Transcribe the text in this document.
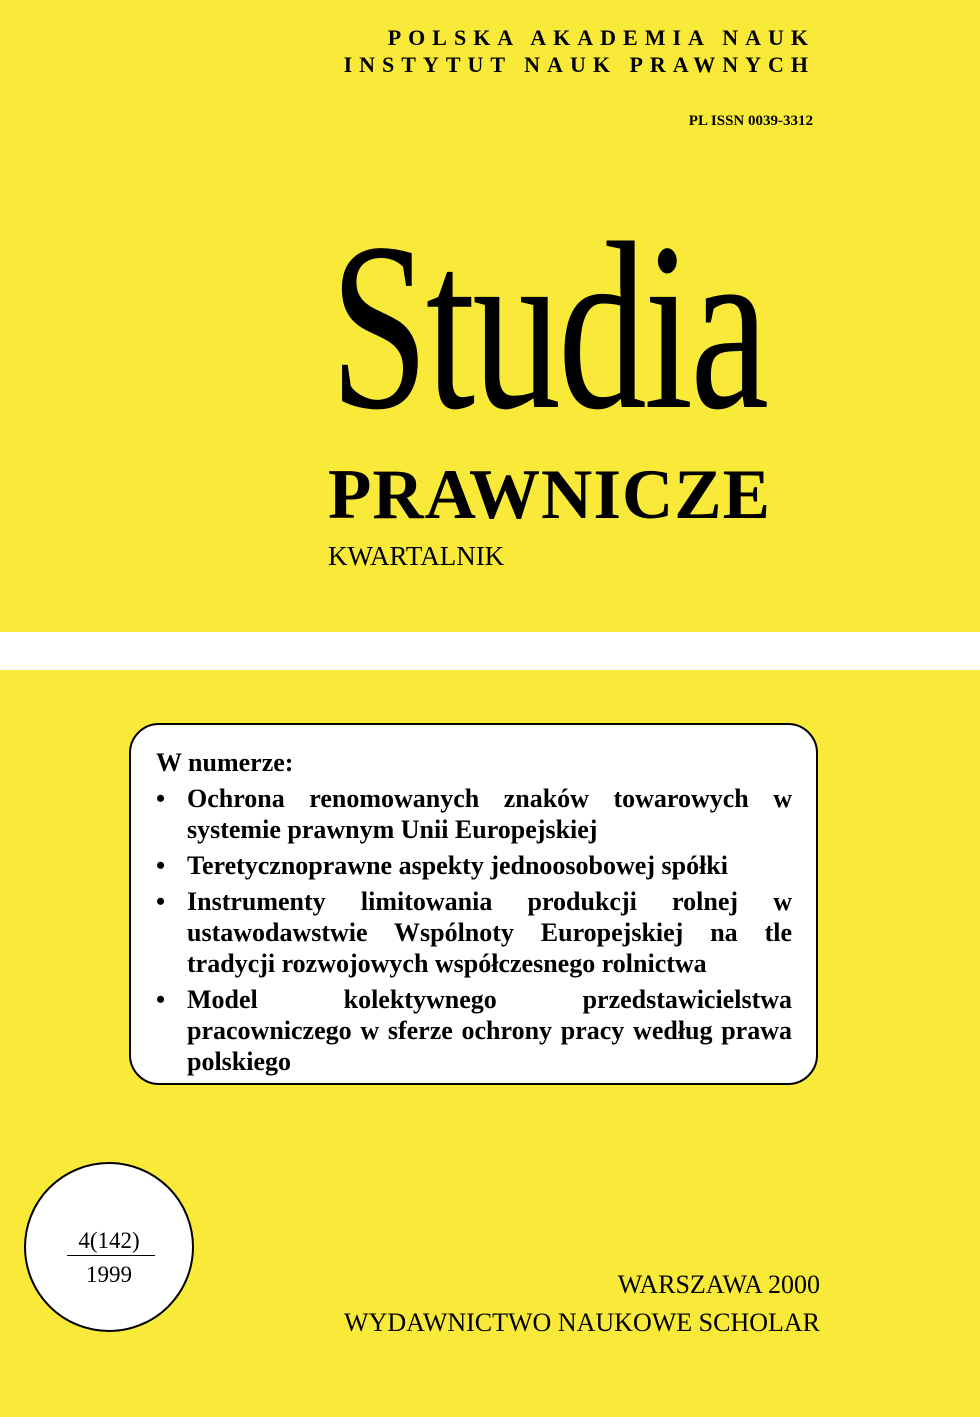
POLSKA AKADEMIA NAUK
INSTYTUT NAUK PRAWNYCH
PL ISSN 0039-3312
Studia
PRAWNICZE
KWARTALNIK
W numerze:
• Ochrona renomowanych znaków towarowych w systemie prawnym Unii Europejskiej
• Teretycznoprawne aspekty jednoosobowej spółki
• Instrumenty limitowania produkcji rolnej w ustawodawstwie Wspólnoty Europejskiej na tle tradycji rozwojowych współczesnego rolnictwa
• Model kolektywnego przedstawicielstwa pracowniczego w sferze ochrony pracy według prawa polskiego
4(142)
1999	WARSZAWA 2000
WYDAWNICTWO NAUKOWE SCHOLAR
